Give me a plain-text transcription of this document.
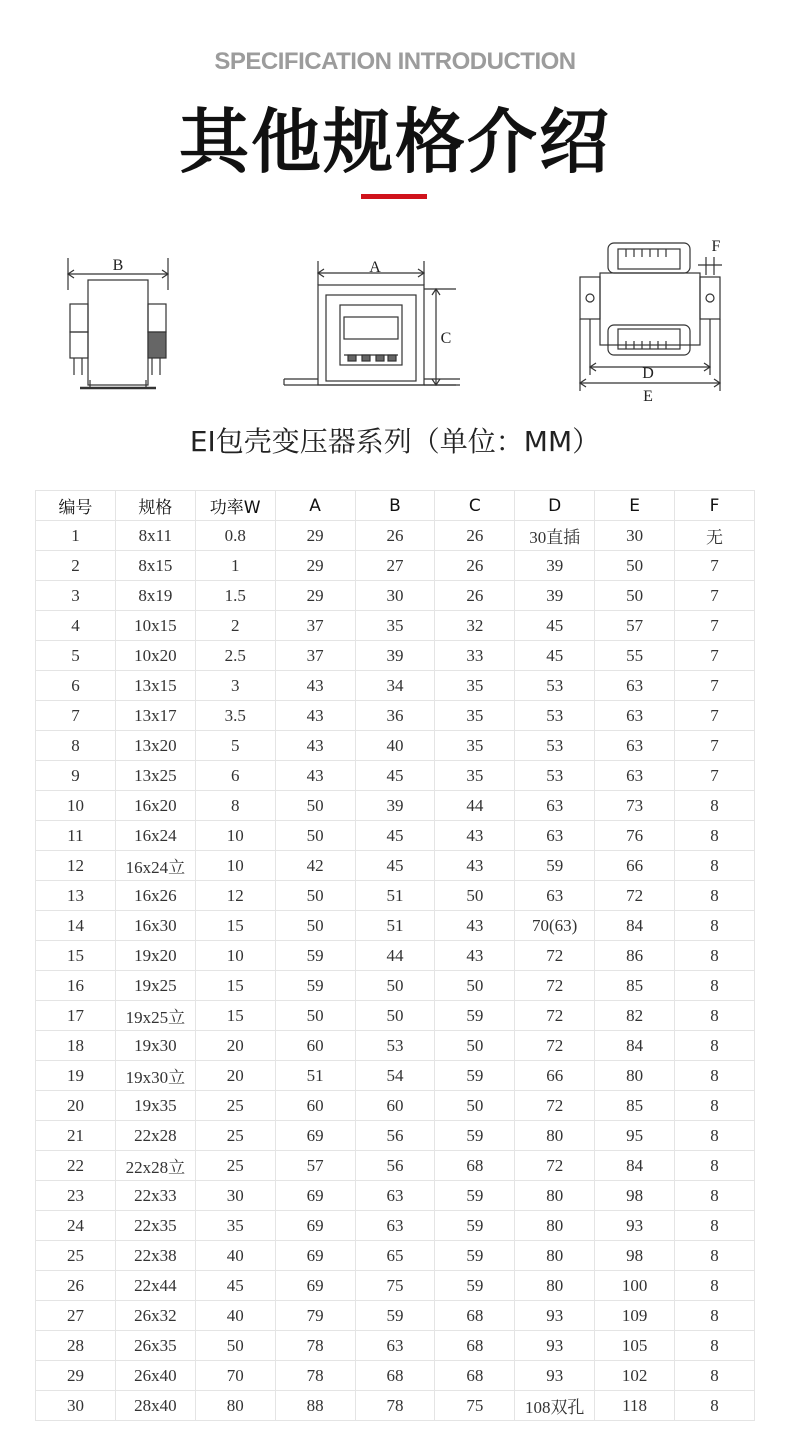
SPECIFICATION INTRODUCTION
其他规格介绍
B	A
C
F
D
E
EI包壳变压器系列（单位：MM）
编号	规格	功率W	A	B	C	D	E	F
1	8x11	0.8	29	26	26	30直插	30	无
2	8x15	1	29	27	26	39	50	7
3	8x19	1.5	29	30	26	39	50	7
4	10x15	2	37	35	32	45	57	7
5	10x20	2.5	37	39	33	45	55	7
6	13x15	3	43	34	35	53	63	7
7	13x17	3.5	43	36	35	53	63	7
8	13x20	5	43	40	35	53	63	7
9	13x25	6	43	45	35	53	63	7
10	16x20	8	50	39	44	63	73	8
11	16x24	10	50	45	43	63	76	8
12	16x24立	10	42	45	43	59	66	8
13	16x26	12	50	51	50	63	72	8
14	16x30	15	50	51	43	70(63)	84	8
15	19x20	10	59	44	43	72	86	8
16	19x25	15	59	50	50	72	85	8
17	19x25立	15	50	50	59	72	82	8
18	19x30	20	60	53	50	72	84	8
19	19x30立	20	51	54	59	66	80	8
20	19x35	25	60	60	50	72	85	8
21	22x28	25	69	56	59	80	95	8
22	22x28立	25	57	56	68	72	84	8
23	22x33	30	69	63	59	80	98	8
24	22x35	35	69	63	59	80	93	8
25	22x38	40	69	65	59	80	98	8
26	22x44	45	69	75	59	80	100	8
27	26x32	40	79	59	68	93	109	8
28	26x35	50	78	63	68	93	105	8
29	26x40	70	78	68	68	93	102	8
30	28x40	80	88	78	75	108双孔	118	8
